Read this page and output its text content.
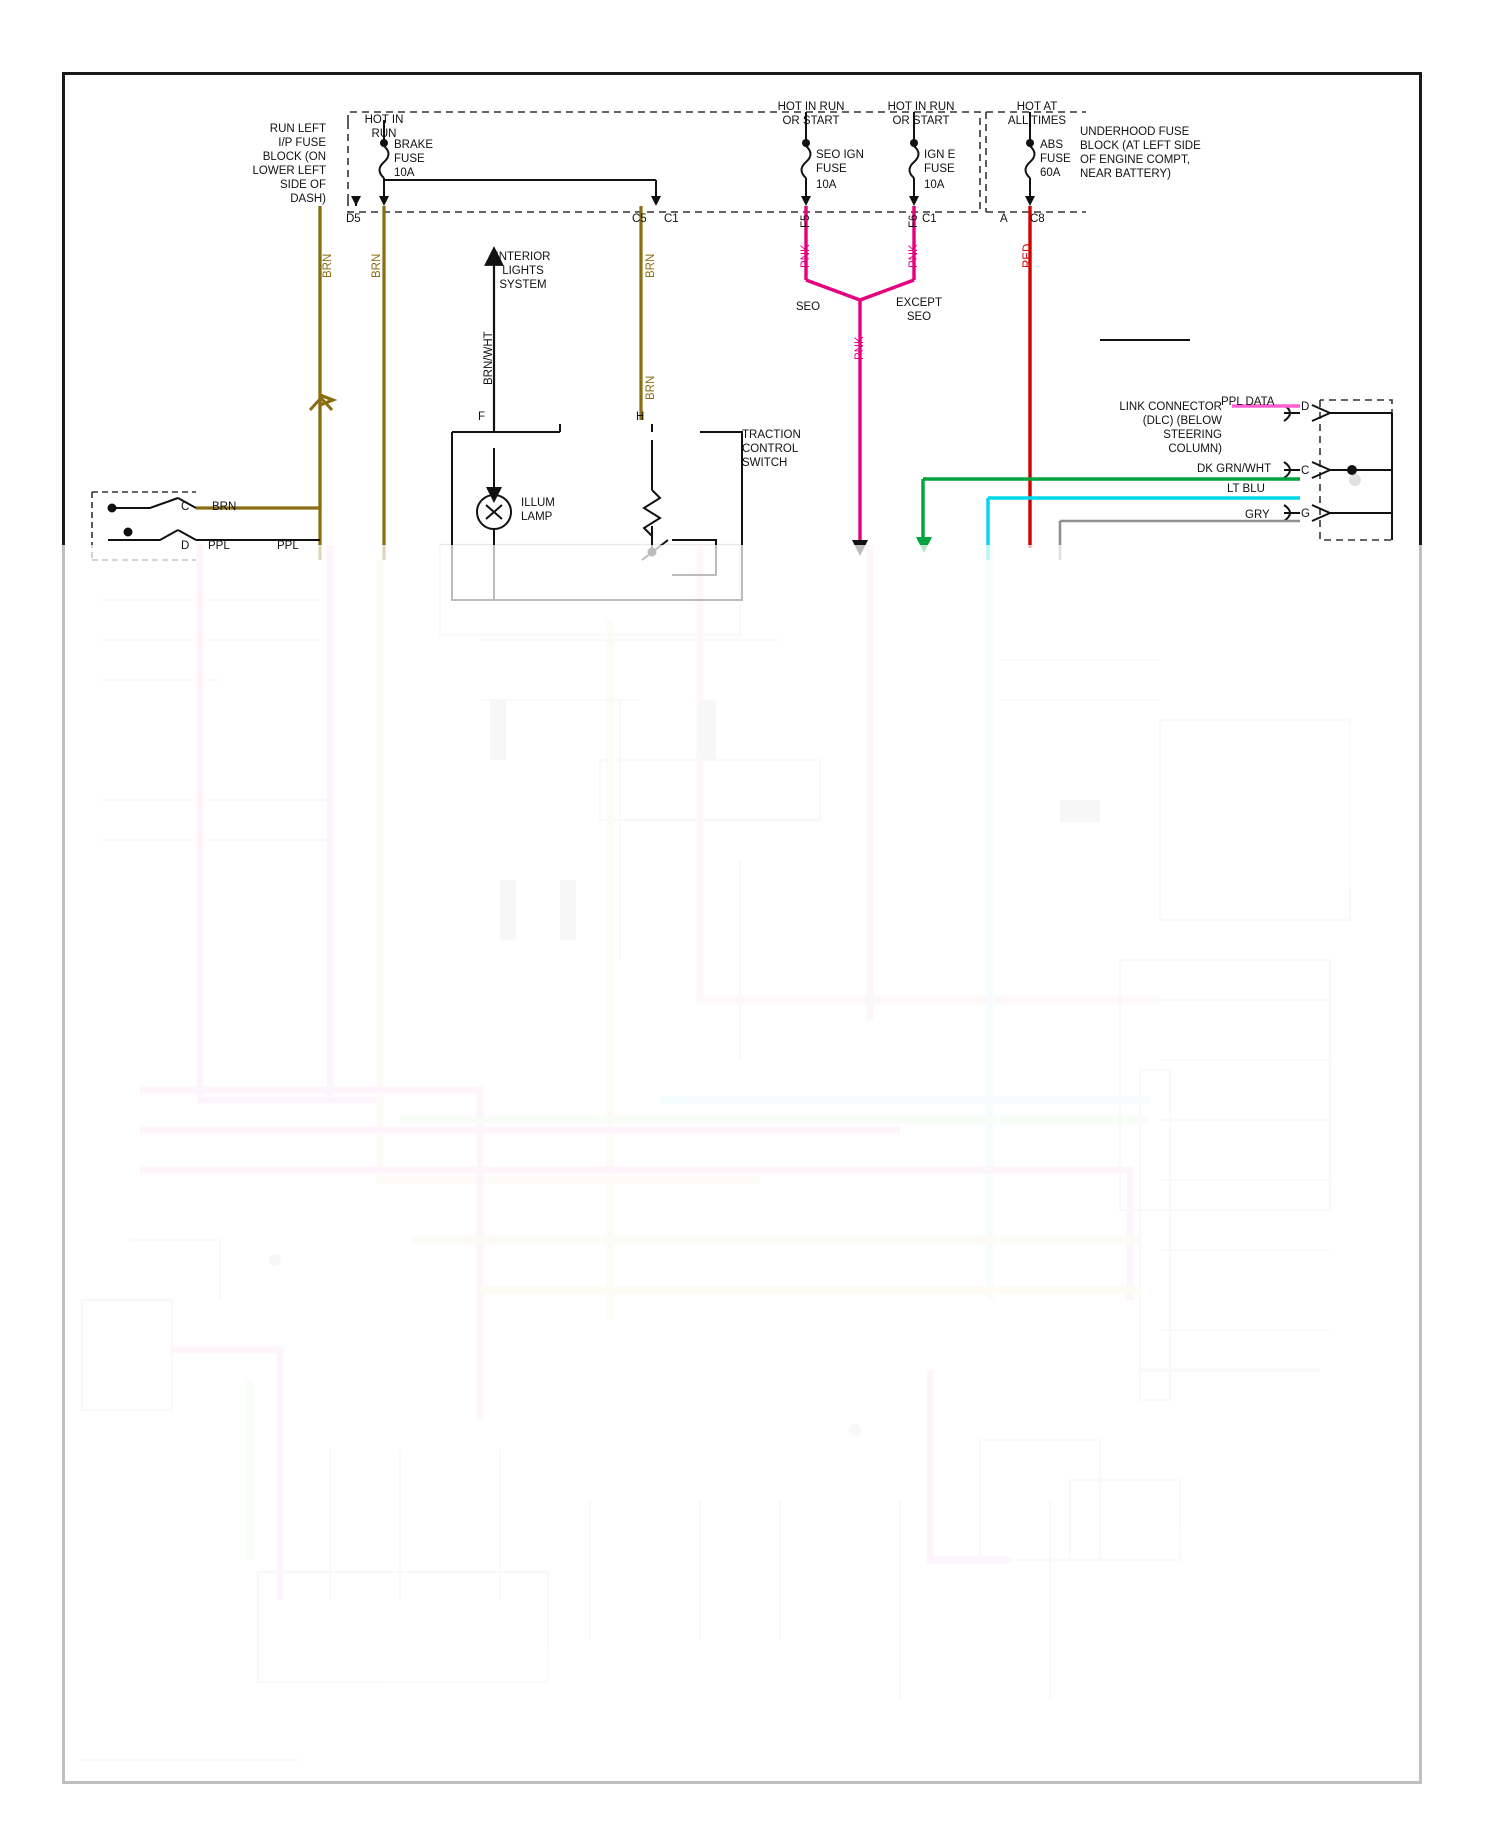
HOT IN
RUN
HOT IN RUN
OR START
HOT IN RUN
OR START
HOT AT
ALL TIMES
RUN LEFT
I/P FUSE
BLOCK (ON
LOWER LEFT
SIDE OF
DASH)
UNDERHOOD FUSE
BLOCK (AT LEFT SIDE
OF ENGINE COMPT,
NEAR BATTERY)
BRAKE
FUSE
10A
SEO IGN
FUSE
10A
IGN E
FUSE
10A
ABS
FUSE
60A
D5	C5 C1	F5	F6 C1	A C8
SEO	EXCEPT
SEO
INTERIOR
LIGHTS
SYSTEM
TRACTION
CONTROL
SWITCH
ILLUM
LAMP
LINK CONNECTOR
(DLC) (BELOW
STEERING
COLUMN)
BRN	BRN
BRN/WHT
BRN
BRN
PNK	PNK
PNK
RED
BRN
PPL	PPL
PPL DATA
DK GRN/WHT
LT BLU
GRY
D
C
G
C
D
F	H
